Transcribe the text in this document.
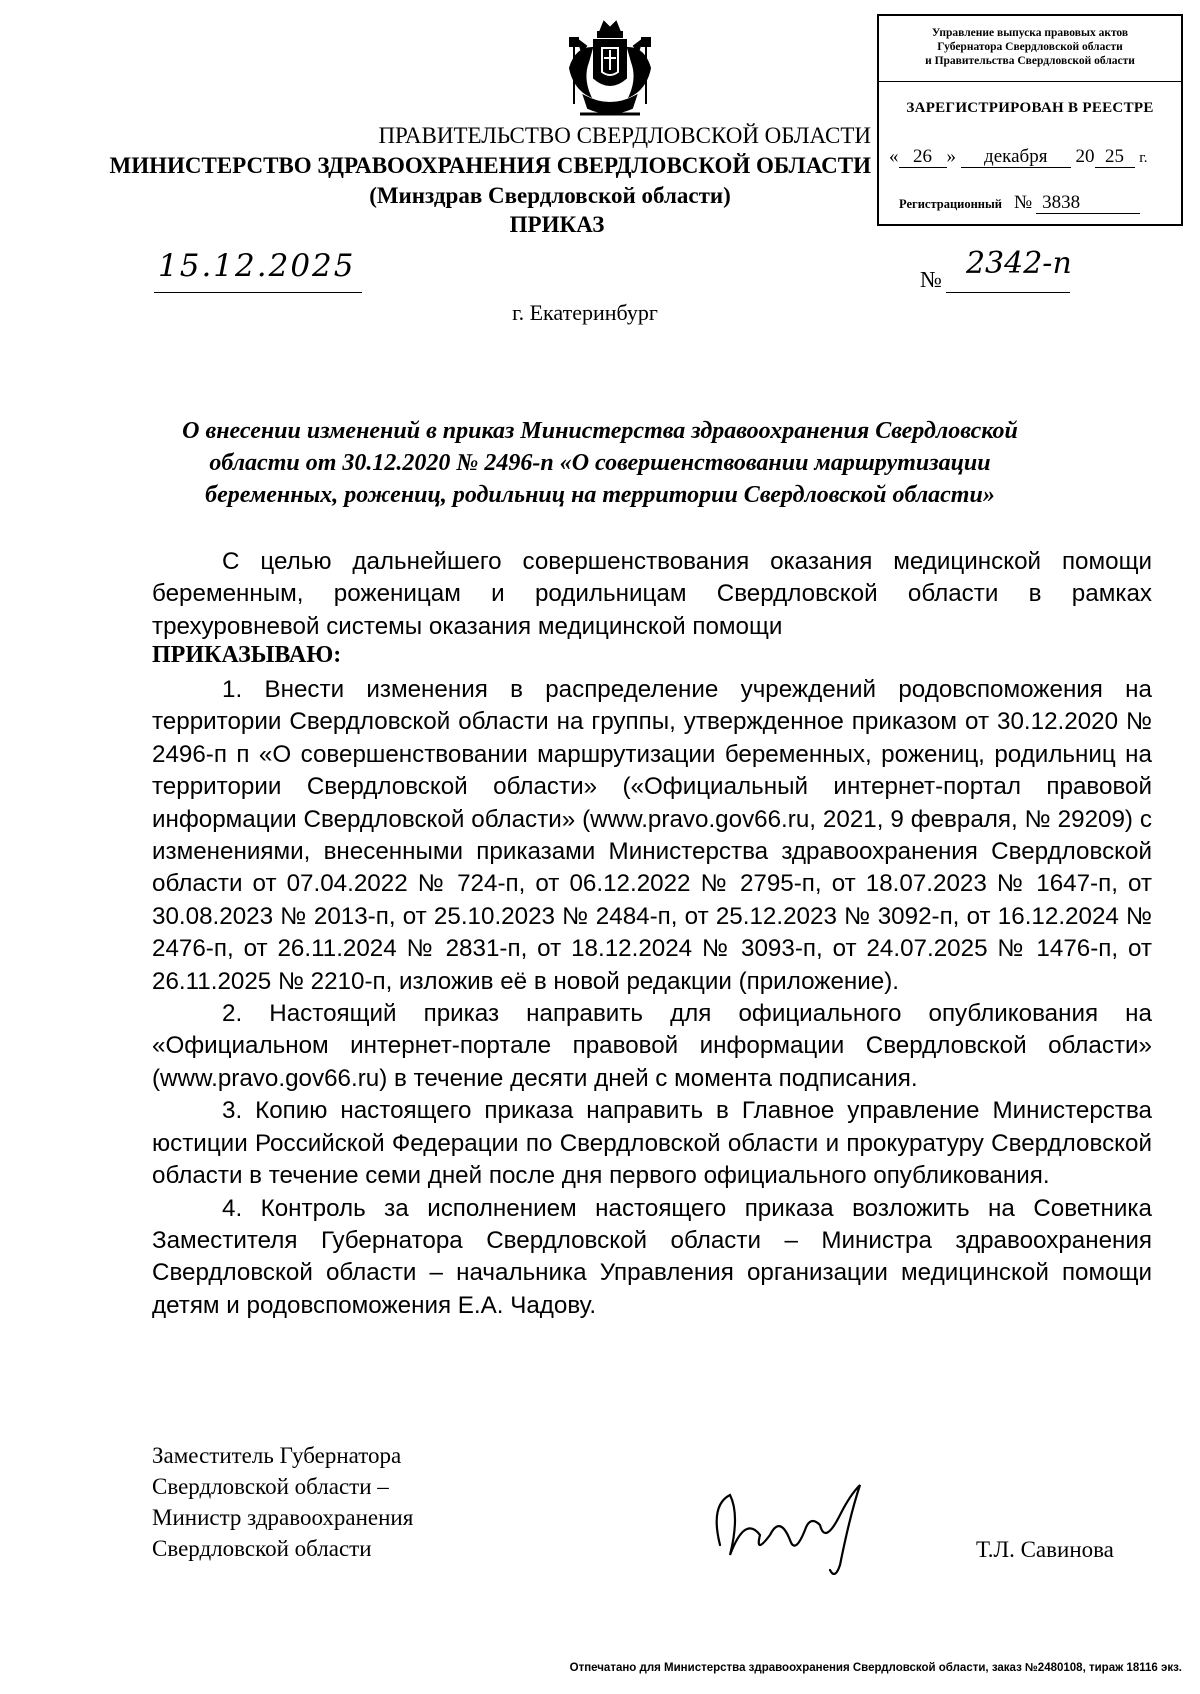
Управление выпуска правовых актов
Губернатора Свердловской области
и Правительства Свердловской области
ЗАРЕГИСТРИРОВАН В РЕЕСТРЕ
« 26 » декабря 20 25 г.
Регистрационный № 3838
ПРАВИТЕЛЬСТВО СВЕРДЛОВСКОЙ ОБЛАСТИ
МИНИСТЕРСТВО ЗДРАВООХРАНЕНИЯ СВЕРДЛОВСКОЙ ОБЛАСТИ
(Минздрав Свердловской области)
ПРИКАЗ
15.12.2025	№ 2342-п
г. Екатеринбург
О внесении изменений в приказ Министерства здравоохранения Свердловской
области от 30.12.2020 № 2496-п «О совершенствовании маршрутизации
беременных, рожениц, родильниц на территории Свердловской области»

С целью дальнейшего совершенствования оказания медицинской помощи беременным, роженицам и родильницам Свердловской области в рамках трехуровневой системы оказания медицинской помощи

ПРИКАЗЫВАЮ:

1. Внести изменения в распределение учреждений родовспоможения на территории Свердловской области на группы, утвержденное приказом от 30.12.2020 № 2496-п п «О совершенствовании маршрутизации беременных, рожениц, родильниц на территории Свердловской области» («Официальный интернет-портал правовой информации Свердловской области» (www.pravo.gov66.ru, 2021, 9 февраля, № 29209) с изменениями, внесенными приказами Министерства здравоохранения Свердловской области от 07.04.2022 № 724-п, от 06.12.2022 № 2795-п, от 18.07.2023 № 1647-п, от 30.08.2023 № 2013-п, от 25.10.2023 № 2484-п, от 25.12.2023 № 3092-п, от 16.12.2024 № 2476-п, от 26.11.2024 № 2831-п, от 18.12.2024 № 3093-п, от 24.07.2025 № 1476-п, от 26.11.2025 № 2210-п, изложив её в новой редакции (приложение).

2. Настоящий приказ направить для официального опубликования на «Официальном интернет-портале правовой информации Свердловской области» (www.pravo.gov66.ru) в течение десяти дней с момента подписания.

3. Копию настоящего приказа направить в Главное управление Министерства юстиции Российской Федерации по Свердловской области и прокуратуру Свердловской области в течение семи дней после дня первого официального опубликования.

4. Контроль за исполнением настоящего приказа возложить на Советника Заместителя Губернатора Свердловской области – Министра здравоохранения Свердловской области – начальника Управления организации медицинской помощи детям и родовспоможения Е.А. Чадову.

Заместитель Губернатора
Свердловской области –
Министр здравоохранения
Свердловской области	Т.Л. Савинова
Отпечатано для Министерства здравоохранения Свердловской области, заказ №2480108, тираж 18116 экз.
